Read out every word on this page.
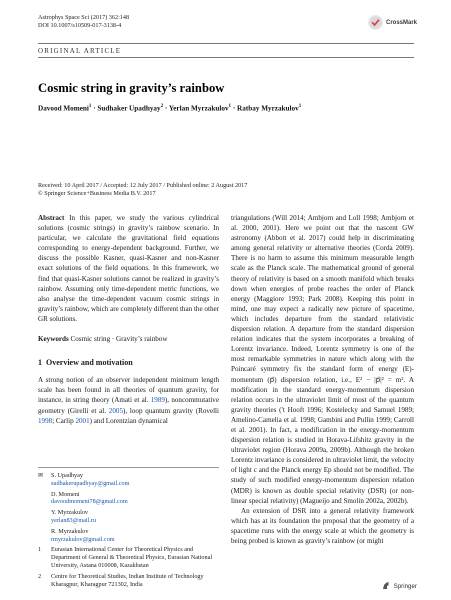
Astrophys Space Sci (2017) 362:148
DOI 10.1007/s10509-017-3138-4	CrossMark
ORIGINAL ARTICLE
Cosmic string in gravity’s rainbow
Davood Momeni$^1$ · Sudhaker Upadhyay$^2$ · Yerlan Myrzakulov$^1$ · Ratbay Myrzakulov$^1$
Received: 10 April 2017 / Accepted: 12 July 2017 / Published online: 2 August 2017
© Springer Science+Business Media B.V. 2017

Abstract In this paper, we study the various cylindrical solutions (cosmic strings) in gravity’s rainbow scenario. In particular, we calculate the gravitational field equations corresponding to energy-dependent background. Further, we discuss the possible Kasner, quasi-Kasner and non-Kasner exact solutions of the field equations. In this framework, we find that quasi-Kasner solutions cannot be realized in gravity’s rainbow. Assuming only time-dependent metric functions, we also analyse the time-dependent vacuum cosmic strings in gravity’s rainbow, which are completely different than the other GR solutions.

Keywords Cosmic string · Gravity’s rainbow

1 Overview and motivation

A strong notion of an observer independent minimum length scale has been found in all theories of quantum gravity, for instance, in string theory (Amati et al. 1989), noncommutative geometry (Girelli et al. 2005), loop quantum gravity (Rovelli 1998; Carlip 2001) and Lorentzian dynamical

✉	S. Upadhyay
sudhakerupadhyay@gmail.com
D. Momeni
davoodmomeni78@gmail.com
Y. Myrzakulov
yerlan83@mail.ru
R. Myrzakulov
rmyrzakulov@gmail.com
1	Eurasian International Center for Theoretical Physics and Department of General & Theoretical Physics, Eurasian National University, Astana 010008, Kazakhstan
2	Centre for Theoretical Studies, Indian Institute of Technology Kharagpur, Kharagpur 721302, India

triangulations (Will 2014; Ambjorn and Loll 1998; Ambjorn et al. 2000, 2001). Here we point out that the nascent GW astronomy (Abbott et al. 2017) could help in discriminating among general relativity or alternative theories (Corda 2009). There is no harm to assume this minimum measurable length scale as the Planck scale. The mathematical ground of general theory of relativity is based on a smooth manifold which breaks down when energies of probe reaches the order of Planck energy (Maggiore 1993; Park 2008). Keeping this point in mind, one may expect a radically new picture of spacetime, which includes departure from the standard relativistic dispersion relation. A departure from the standard dispersion relation indicates that the system incorporates a breaking of Lorentz invariance. Indeed, Lorentz symmetry is one of the most remarkable symmetries in nature which along with the Poincaré symmetry fix the standard form of energy (E)-momentum (p⃗) dispersion relation, i.e., E² − |p⃗|² = m². A modification in the standard energy-momentum dispersion relation occurs in the ultraviolet limit of most of the quantum gravity theories ('t Hooft 1996; Kostelecky and Samuel 1989; Amelino-Camelia et al. 1998; Gambini and Pullin 1999; Carroll et al. 2001). In fact, a modification in the energy-momentum dispersion relation is studied in Horava-Lifshitz gravity in the ultraviolet region (Horava 2009a, 2009b). Although the broken Lorentz invariance is considered in ultraviolet limit, the velocity of light c and the Planck energy Ep should not be modified. The study of such modified energy-momentum dispersion relation (MDR) is known as double special relativity (DSR) (or non-linear special relativity) (Magueijo and Smolin 2002a, 2002b).

An extension of DSR into a general relativity framework which has at its foundation the proposal that the geometry of a spacetime runs with the energy scale at which the geometry is being probed is known as gravity’s rainbow (or might

Springer
